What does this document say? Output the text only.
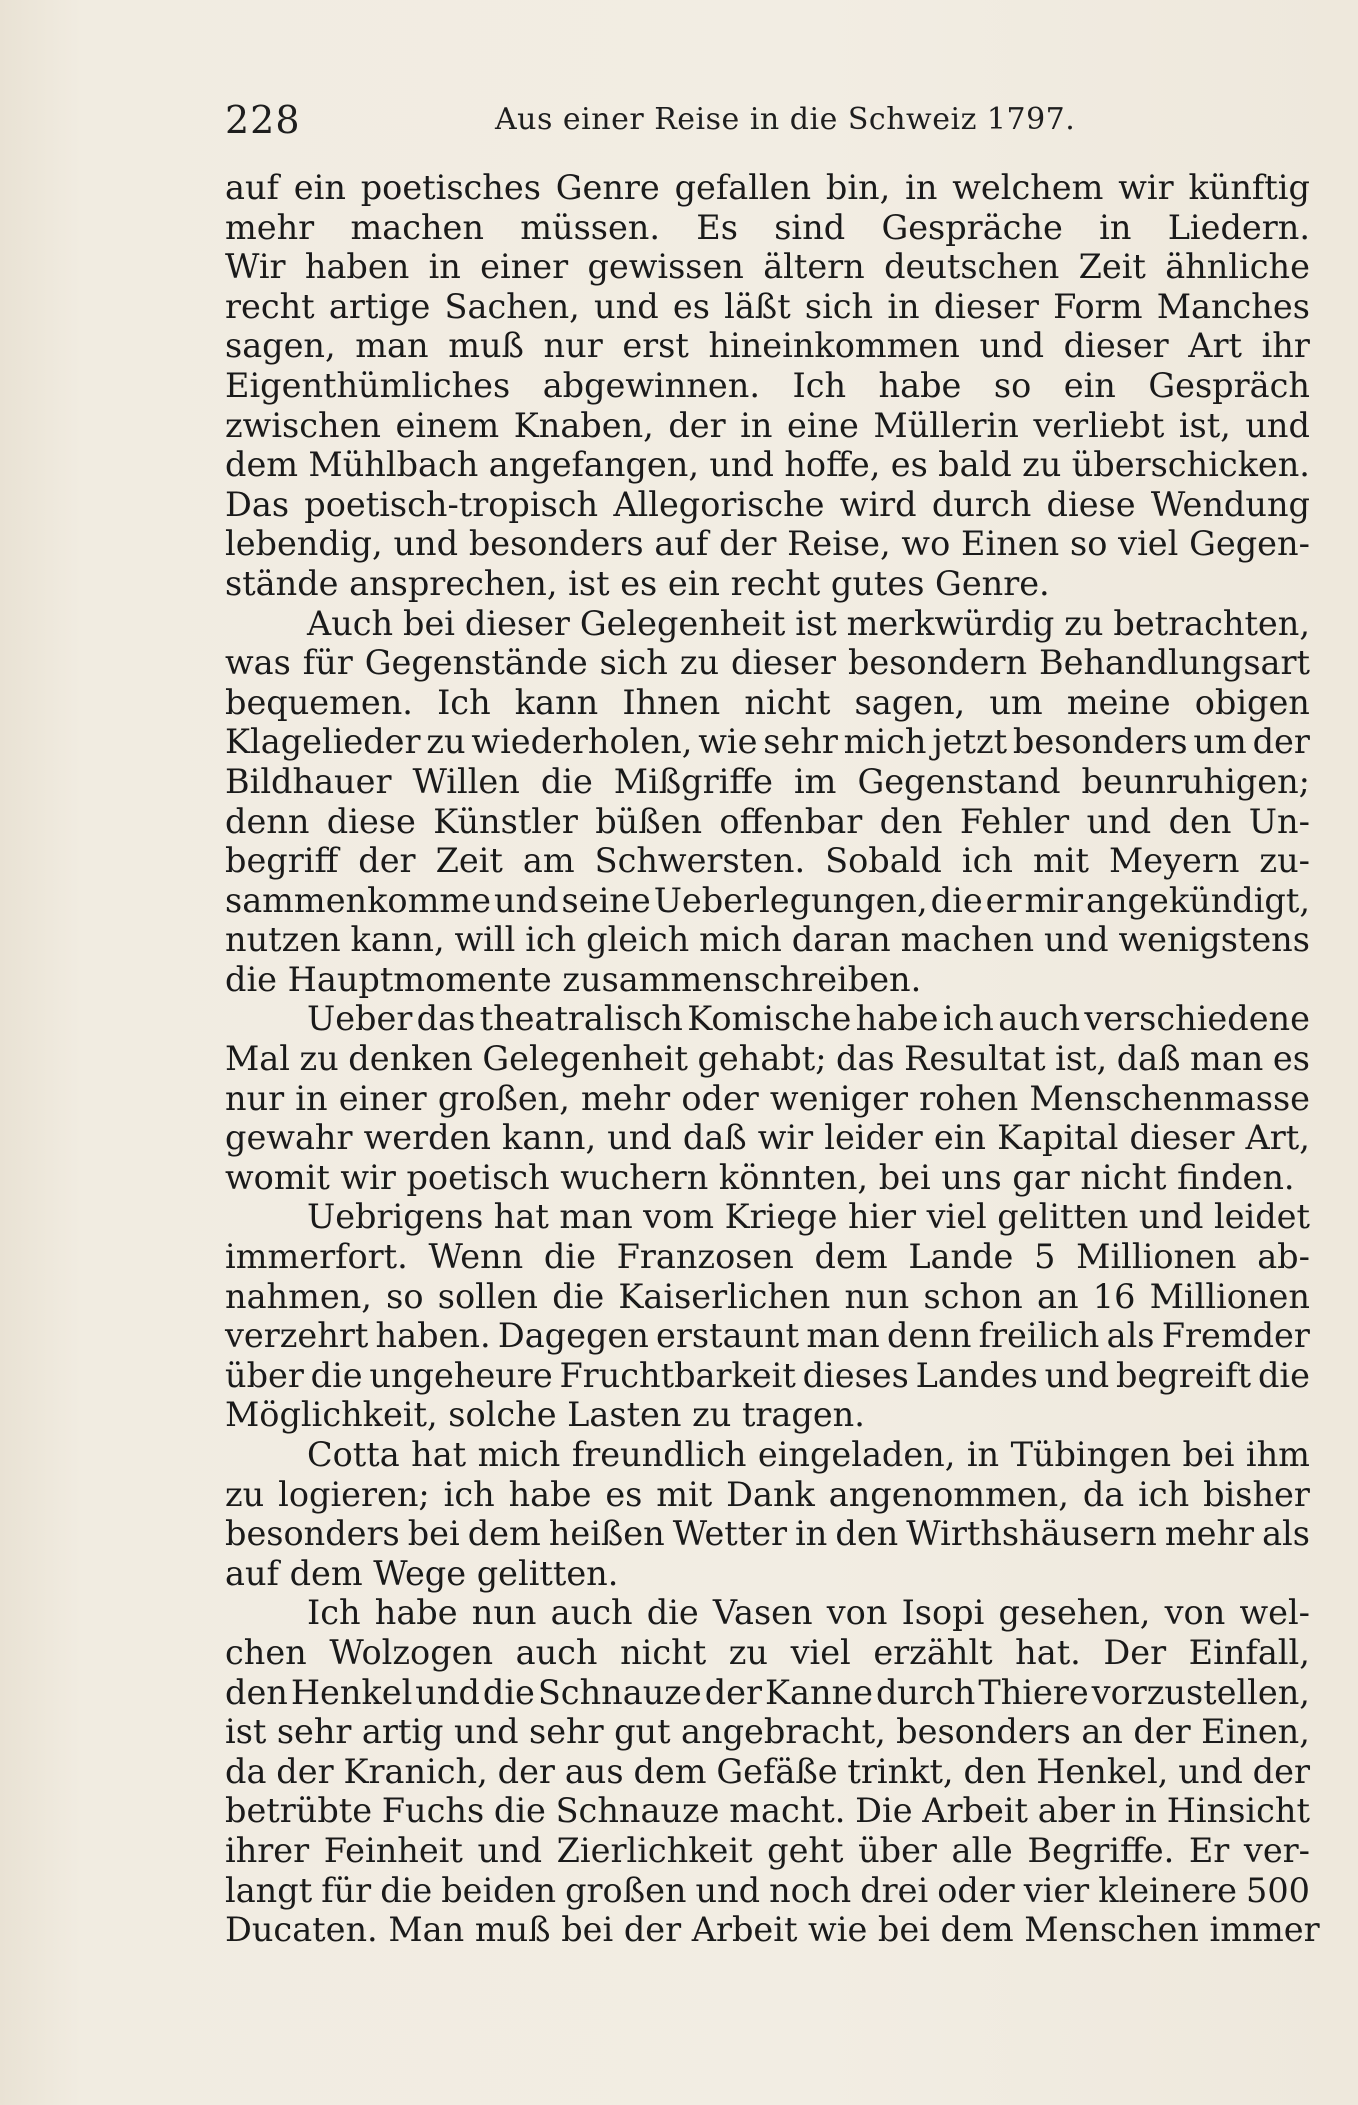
228	Aus einer Reise in die Schweiz 1797.
auf ein poetisches Genre gefallen bin, in welchem wir künftig
mehr machen müssen. Es sind Gespräche in Liedern.
Wir haben in einer gewissen ältern deutschen Zeit ähnliche
recht artige Sachen, und es läßt sich in dieser Form Manches
sagen, man muß nur erst hineinkommen und dieser Art ihr
Eigenthümliches abgewinnen. Ich habe so ein Gespräch
zwischen einem Knaben, der in eine Müllerin verliebt ist, und
dem Mühlbach angefangen, und hoffe, es bald zu überschicken.
Das poetisch-tropisch Allegorische wird durch diese Wendung
lebendig, und besonders auf der Reise, wo Einen so viel Gegen-
stände ansprechen, ist es ein recht gutes Genre.
Auch bei dieser Gelegenheit ist merkwürdig zu betrachten,
was für Gegenstände sich zu dieser besondern Behandlungsart
bequemen. Ich kann Ihnen nicht sagen, um meine obigen
Klagelieder zu wiederholen, wie sehr mich jetzt besonders um der
Bildhauer Willen die Mißgriffe im Gegenstand beunruhigen;
denn diese Künstler büßen offenbar den Fehler und den Un-
begriff der Zeit am Schwersten. Sobald ich mit Meyern zu-
sammenkomme und seine Ueberlegungen, die er mir angekündigt,
nutzen kann, will ich gleich mich daran machen und wenigstens
die Hauptmomente zusammenschreiben.
Ueber das theatralisch Komische habe ich auch verschiedene
Mal zu denken Gelegenheit gehabt; das Resultat ist, daß man es
nur in einer großen, mehr oder weniger rohen Menschenmasse
gewahr werden kann, und daß wir leider ein Kapital dieser Art,
womit wir poetisch wuchern könnten, bei uns gar nicht finden.
Uebrigens hat man vom Kriege hier viel gelitten und leidet
immerfort. Wenn die Franzosen dem Lande 5 Millionen ab-
nahmen, so sollen die Kaiserlichen nun schon an 16 Millionen
verzehrt haben. Dagegen erstaunt man denn freilich als Fremder
über die ungeheure Fruchtbarkeit dieses Landes und begreift die
Möglichkeit, solche Lasten zu tragen.
Cotta hat mich freundlich eingeladen, in Tübingen bei ihm
zu logieren; ich habe es mit Dank angenommen, da ich bisher
besonders bei dem heißen Wetter in den Wirthshäusern mehr als
auf dem Wege gelitten.
Ich habe nun auch die Vasen von Isopi gesehen, von wel-
chen Wolzogen auch nicht zu viel erzählt hat. Der Einfall,
den Henkel und die Schnauze der Kanne durch Thiere vorzustellen,
ist sehr artig und sehr gut angebracht, besonders an der Einen,
da der Kranich, der aus dem Gefäße trinkt, den Henkel, und der
betrübte Fuchs die Schnauze macht. Die Arbeit aber in Hinsicht
ihrer Feinheit und Zierlichkeit geht über alle Begriffe. Er ver-
langt für die beiden großen und noch drei oder vier kleinere 500
Ducaten. Man muß bei der Arbeit wie bei dem Menschen immer
